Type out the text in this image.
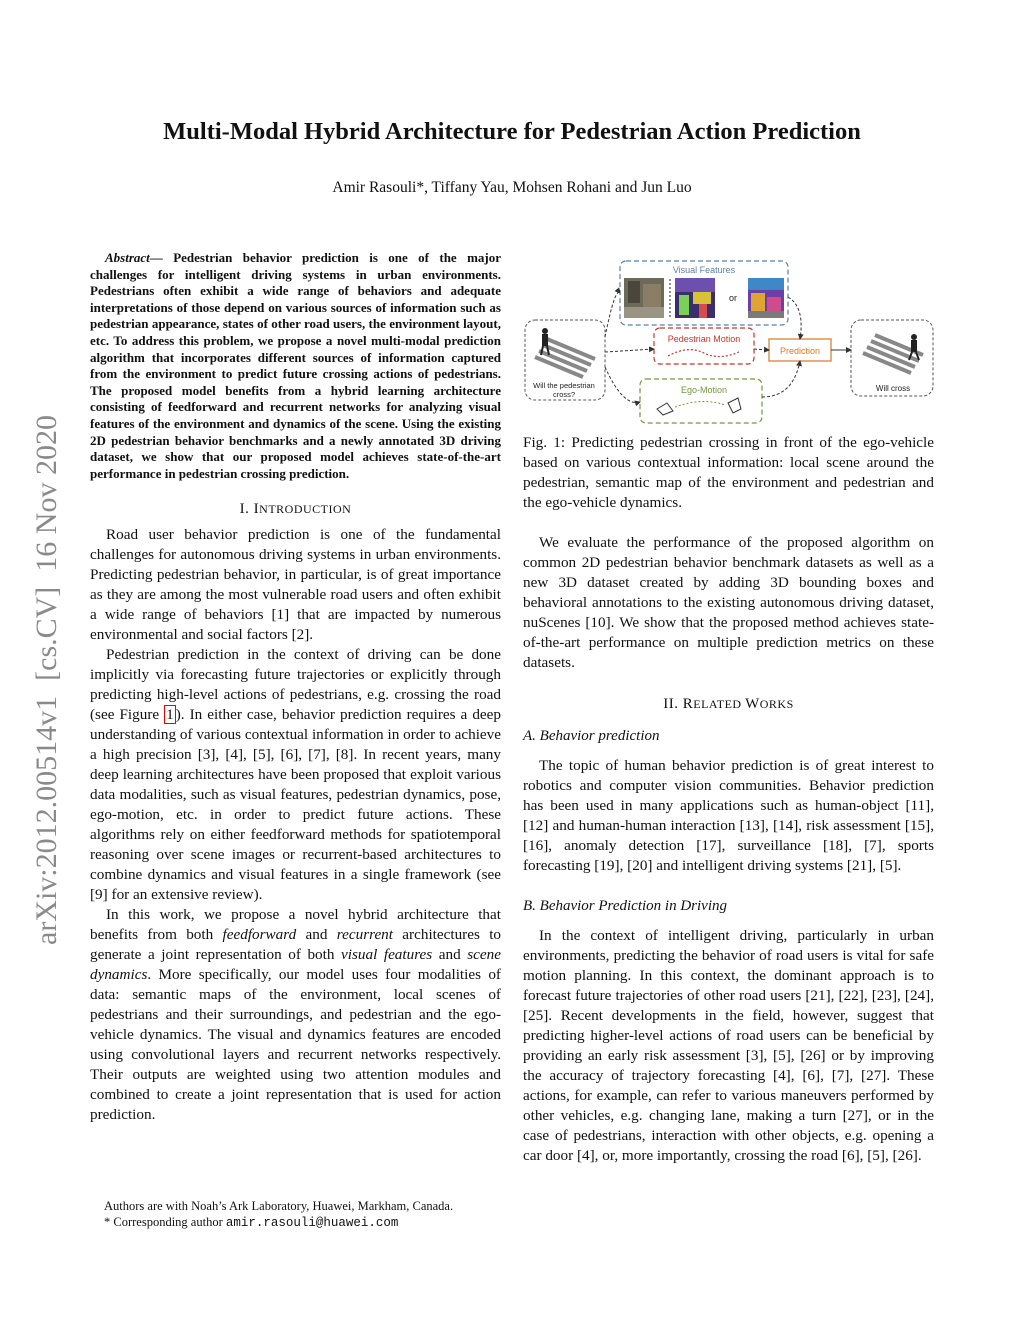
Multi-Modal Hybrid Architecture for Pedestrian Action Prediction
Amir Rasouli*, Tiffany Yau, Mohsen Rohani and Jun Luo
arXiv:2012.00514v1  [cs.CV]  16 Nov 2020

Abstract— Pedestrian behavior prediction is one of the major challenges for intelligent driving systems in urban environments. Pedestrians often exhibit a wide range of behaviors and adequate interpretations of those depend on various sources of information such as pedestrian appearance, states of other road users, the environment layout, etc. To address this problem, we propose a novel multi-modal prediction algorithm that incorporates different sources of information captured from the environment to predict future crossing actions of pedestrians. The proposed model benefits from a hybrid learning architecture consisting of feedforward and recurrent networks for analyzing visual features of the environment and dynamics of the scene. Using the existing 2D pedestrian behavior benchmarks and a newly annotated 3D driving dataset, we show that our proposed model achieves state-of-the-art performance in pedestrian crossing prediction.

I. INTRODUCTION

Road user behavior prediction is one of the fundamental challenges for autonomous driving systems in urban environments. Predicting pedestrian behavior, in particular, is of great importance as they are among the most vulnerable road users and often exhibit a wide range of behaviors [1] that are impacted by numerous environmental and social factors [2].

Pedestrian prediction in the context of driving can be done implicitly via forecasting future trajectories or explicitly through predicting high-level actions of pedestrians, e.g. crossing the road (see Figure 1 ). In either case, behavior prediction requires a deep understanding of various contextual information in order to achieve a high precision [3], [4], [5], [6], [7], [8]. In recent years, many deep learning architectures have been proposed that exploit various data modalities, such as visual features, pedestrian dynamics, pose, ego-motion, etc. in order to predict future actions. These algorithms rely on either feedforward methods for spatiotemporal reasoning over scene images or recurrent-based architectures to combine dynamics and visual features in a single framework (see [9] for an extensive review).

In this work, we propose a novel hybrid architecture that benefits from both feedforward and recurrent architectures to generate a joint representation of both visual features and scene dynamics. More specifically, our model uses four modalities of data: semantic maps of the environment, local scenes of pedestrians and their surroundings, and pedestrian and the ego-vehicle dynamics. The visual and dynamics features are encoded using convolutional layers and recurrent networks respectively. Their outputs are weighted using two attention modules and combined to create a joint representation that is used for action prediction.

Authors are with Noah’s Ark Laboratory, Huawei, Markham, Canada.
* Corresponding author amir.rasouli@huawei.com
Will the pedestrian
cross?
Visual Features
or
Pedestrian Motion
Ego-Motion
Prediction
Will cross

Fig. 1: Predicting pedestrian crossing in front of the ego-vehicle based on various contextual information: local scene around the pedestrian, semantic map of the environment and pedestrian and the ego-vehicle dynamics.

We evaluate the performance of the proposed algorithm on common 2D pedestrian behavior benchmark datasets as well as a new 3D dataset created by adding 3D bounding boxes and behavioral annotations to the existing autonomous driving dataset, nuScenes [10]. We show that the proposed method achieves state-of-the-art performance on multiple prediction metrics on these datasets.

II. RELATED WORKS

A. Behavior prediction

The topic of human behavior prediction is of great interest to robotics and computer vision communities. Behavior prediction has been used in many applications such as human-object [11], [12] and human-human interaction [13], [14], risk assessment [15], [16], anomaly detection [17], surveillance [18], [7], sports forecasting [19], [20] and intelligent driving systems [21], [5].

B. Behavior Prediction in Driving

In the context of intelligent driving, particularly in urban environments, predicting the behavior of road users is vital for safe motion planning. In this context, the dominant approach is to forecast future trajectories of other road users [21], [22], [23], [24], [25]. Recent developments in the field, however, suggest that predicting higher-level actions of road users can be beneficial by providing an early risk assessment [3], [5], [26] or by improving the accuracy of trajectory forecasting [4], [6], [7], [27]. These actions, for example, can refer to various maneuvers performed by other vehicles, e.g. changing lane, making a turn [27], or in the case of pedestrians, interaction with other objects, e.g. opening a car door [4], or, more importantly, crossing the road [6], [5], [26].
